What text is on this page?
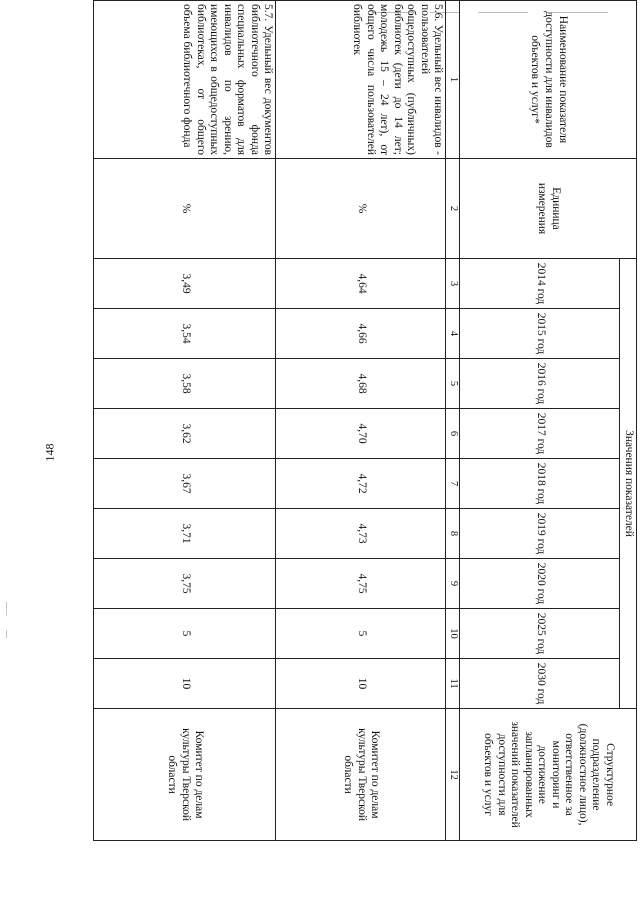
148
Наименование показателя доступности для инвалидов объектов и услуг*	Единица измерения	Значения показателей									Структурное подразделение (должностное лицо), ответственное за мониторинг и достижение запланированных значений показателей доступности для объектов и услуг
		2014 год	2015 год	2016 год	2017 год	2018 год	2019 год	2020 год	2025 год	2030 год	
1	2	3	4	5	6	7	8	9	10	11	12
5.6. Удельный вес инвалидов - пользователей общедоступных (публичных) библиотек (дети до 14 лет; молодежь 15 – 24 лет), от общего числа пользователей библиотек	%	4,64	4,66	4,68	4,70	4,72	4,73	4,75	5	10	Комитет по делам культуры Тверской области
5.7. Удельный вес документов библиотечного фонда специальных форматов для инвалидов по зрению, имеющихся в общедоступных библиотеках, от общего объема библиотечного фонда	%	3,49	3,54	3,58	3,62	3,67	3,71	3,75	5	10	Комитет по делам культуры Тверской области
